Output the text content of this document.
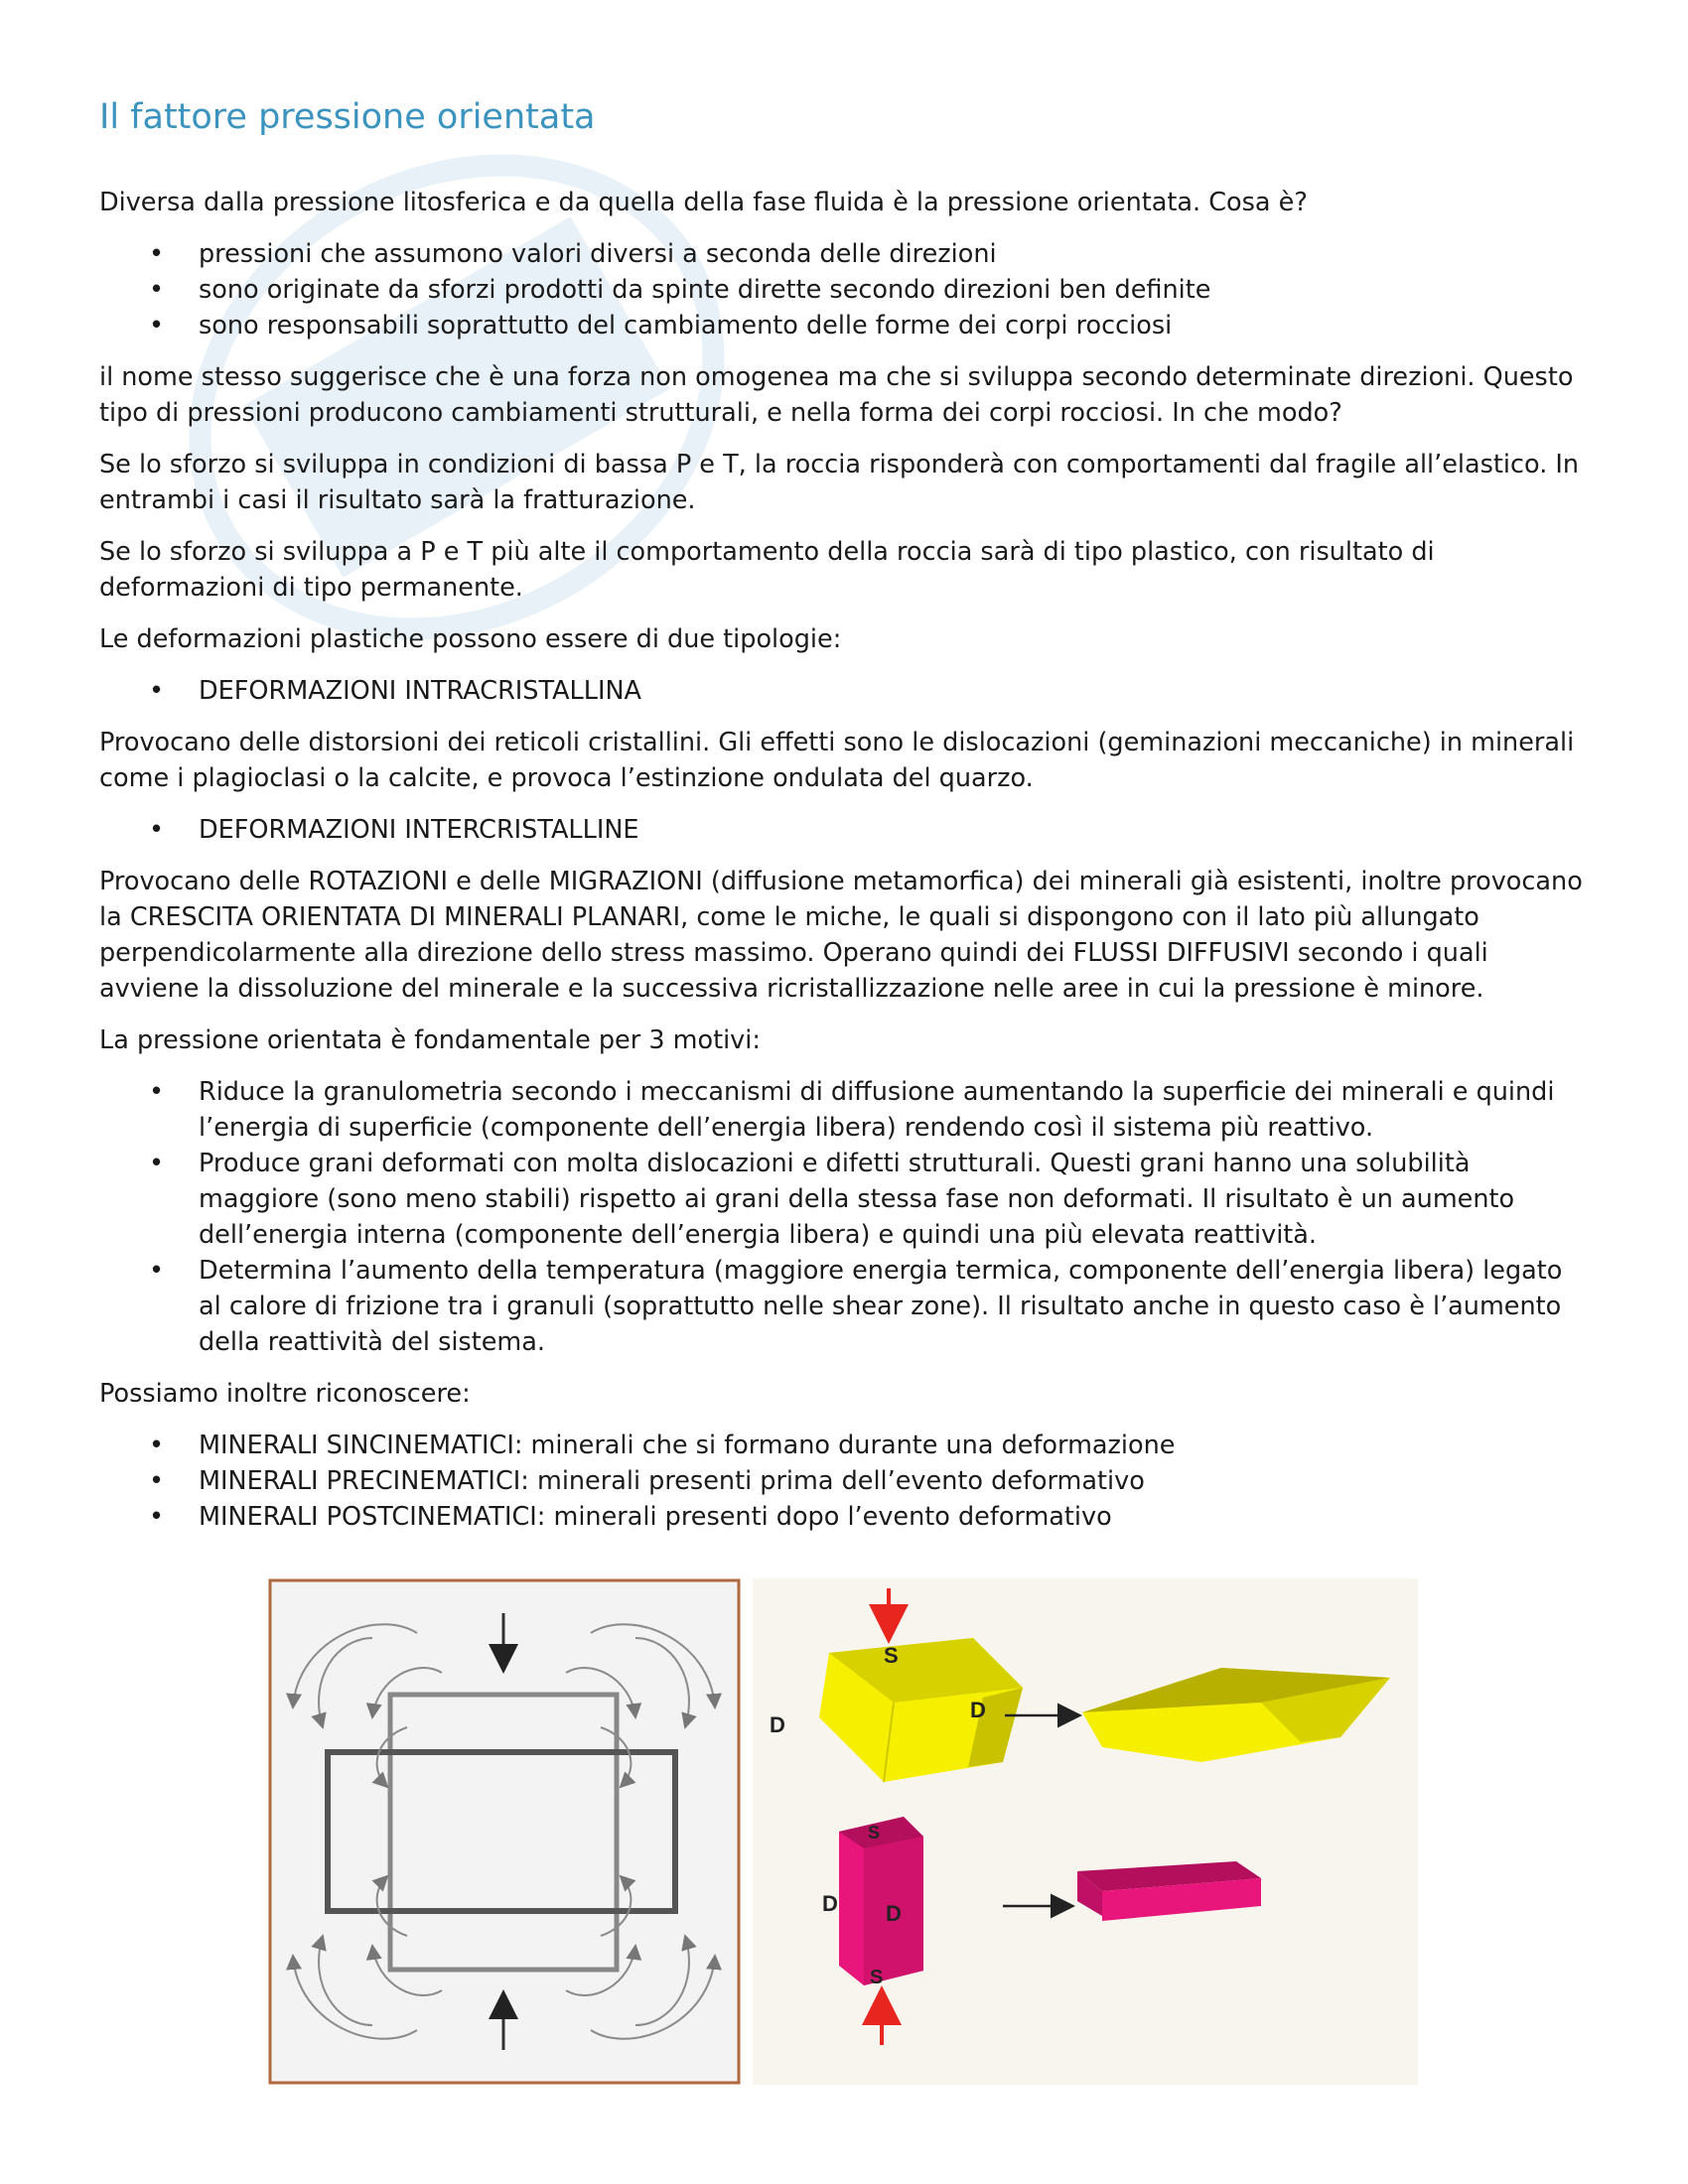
Il fattore pressione orientata

Diversa dalla pressione litosferica e da quella della fase fluida è la pressione orientata. Cosa è?

• pressioni che assumono valori diversi a seconda delle direzioni
• sono originate da sforzi prodotti da spinte dirette secondo direzioni ben definite
• sono responsabili soprattutto del cambiamento delle forme dei corpi rocciosi

il nome stesso suggerisce che è una forza non omogenea ma che si sviluppa secondo determinate direzioni. Questo tipo di pressioni producono cambiamenti strutturali, e nella forma dei corpi rocciosi. In che modo?

Se lo sforzo si sviluppa in condizioni di bassa P e T, la roccia risponderà con comportamenti dal fragile all’elastico. In entrambi i casi il risultato sarà la fratturazione.

Se lo sforzo si sviluppa a P e T più alte il comportamento della roccia sarà di tipo plastico, con risultato di deformazioni di tipo permanente.

Le deformazioni plastiche possono essere di due tipologie:

• DEFORMAZIONI INTRACRISTALLINA

Provocano delle distorsioni dei reticoli cristallini. Gli effetti sono le dislocazioni (geminazioni meccaniche) in minerali come i plagioclasi o la calcite, e provoca l’estinzione ondulata del quarzo.

• DEFORMAZIONI INTERCRISTALLINE

Provocano delle ROTAZIONI e delle MIGRAZIONI (diffusione metamorfica) dei minerali già esistenti, inoltre provocano la CRESCITA ORIENTATA DI MINERALI PLANARI, come le miche, le quali si dispongono con il lato più allungato perpendicolarmente alla direzione dello stress massimo. Operano quindi dei FLUSSI DIFFUSIVI secondo i quali avviene la dissoluzione del minerale e la successiva ricristallizzazione nelle aree in cui la pressione è minore.

La pressione orientata è fondamentale per 3 motivi:

• Riduce la granulometria secondo i meccanismi di diffusione aumentando la superficie dei minerali e quindi l’energia di superficie (componente dell’energia libera) rendendo così il sistema più reattivo.
• Produce grani deformati con molta dislocazioni e difetti strutturali. Questi grani hanno una solubilità maggiore (sono meno stabili) rispetto ai grani della stessa fase non deformati. Il risultato è un aumento dell’energia interna (componente dell’energia libera) e quindi una più elevata reattività.
• Determina l’aumento della temperatura (maggiore energia termica, componente dell’energia libera) legato al calore di frizione tra i granuli (soprattutto nelle shear zone). Il risultato anche in questo caso è l’aumento della reattività del sistema.

Possiamo inoltre riconoscere:

• MINERALI SINCINEMATICI: minerali che si formano durante una deformazione
• MINERALI PRECINEMATICI: minerali presenti prima dell’evento deformativo
• MINERALI POSTCINEMATICI: minerali presenti dopo l’evento deformativo
S
D
D
S
D D
S
